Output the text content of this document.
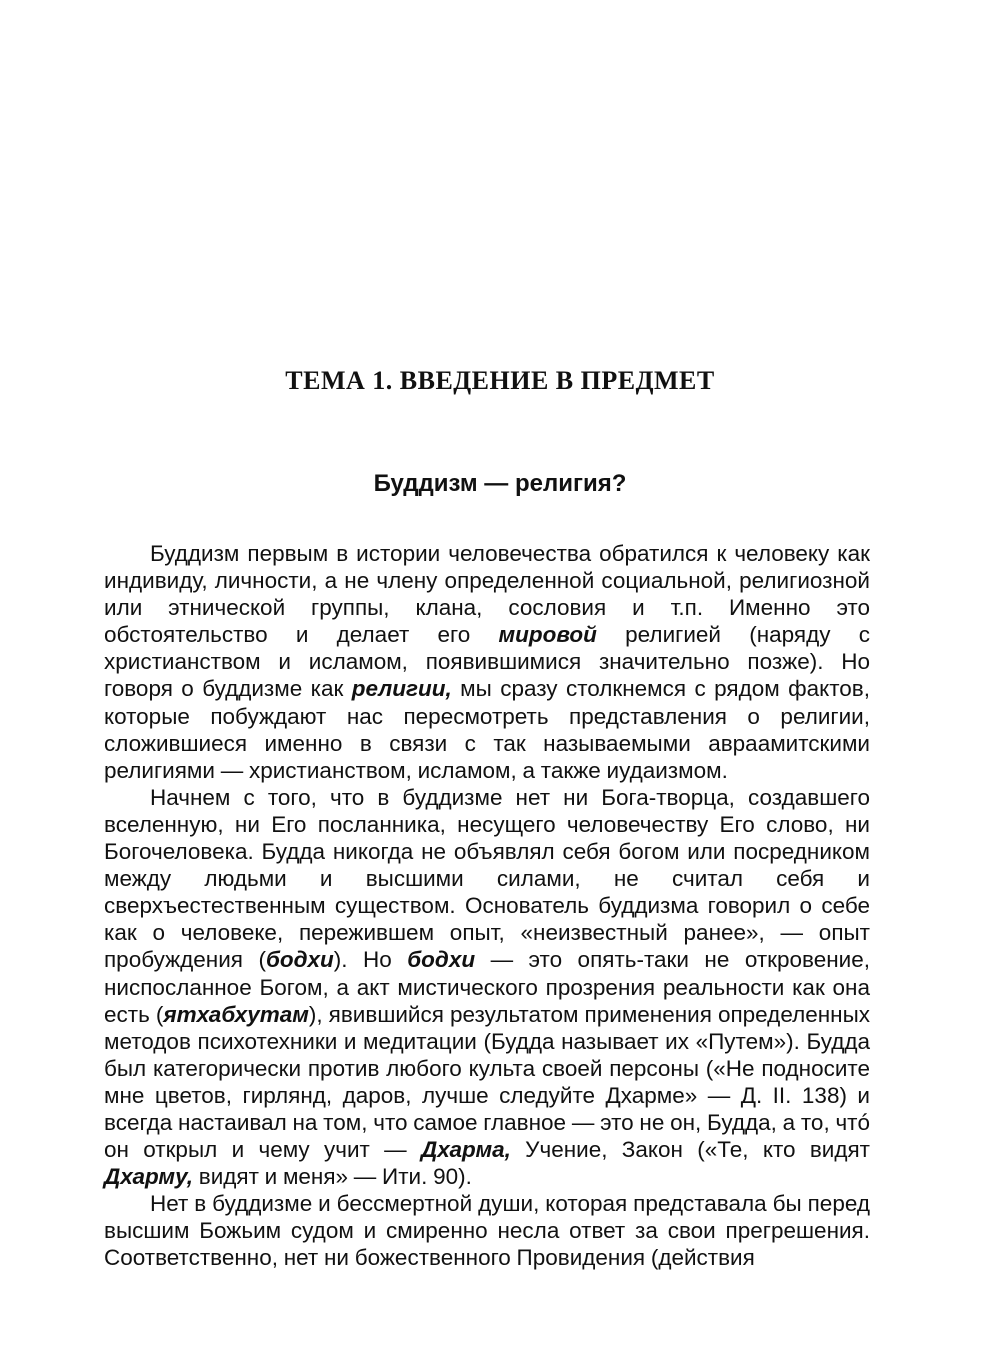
ТЕМА 1. ВВЕДЕНИЕ В ПРЕДМЕТ
Буддизм — религия?

Буддизм первым в истории человечества обратился к человеку как индивиду, личности, а не члену определенной социальной, религиозной или этнической группы, клана, сословия и т.п. Именно это обстоятельство и делает его мировой религией (наряду с христианством и исламом, появившимися значительно позже). Но говоря о буддизме как религии, мы сразу столкнемся с рядом фактов, которые побуждают нас пересмотреть представления о религии, сложившиеся именно в связи с так называемыми авраамитскими религиями — христианством, исламом, а также иудаизмом.

Начнем с того, что в буддизме нет ни Бога-творца, создавшего вселенную, ни Его посланника, несущего человечеству Его слово, ни Богочеловека. Будда никогда не объявлял себя богом или посредником между людьми и высшими силами, не считал себя и сверхъестественным существом. Основатель буддизма говорил о себе как о человеке, пережившем опыт, «неизвестный ранее», — опыт пробуждения (бодхи). Но бодхи — это опять-таки не откровение, ниспосланное Богом, а акт мистического прозрения реальности как она есть (ятхабхутам), явившийся результатом применения определенных методов психотехники и медитации (Будда называет их «Путем»). Будда был категорически против любого культа своей персоны («Не подносите мне цветов, гирлянд, даров, лучше следуйте Дхарме» — Д. II. 138) и всегда настаивал на том, что самое главное — это не он, Будда, а то, чтó он открыл и чему учит — Дхарма, Учение, Закон («Те, кто видят Дхарму, видят и меня» — Ити. 90).

Нет в буддизме и бессмертной души, которая представала бы перед высшим Божьим судом и смиренно несла ответ за свои прегрешения. Соответственно, нет ни божественного Провидения (действия
